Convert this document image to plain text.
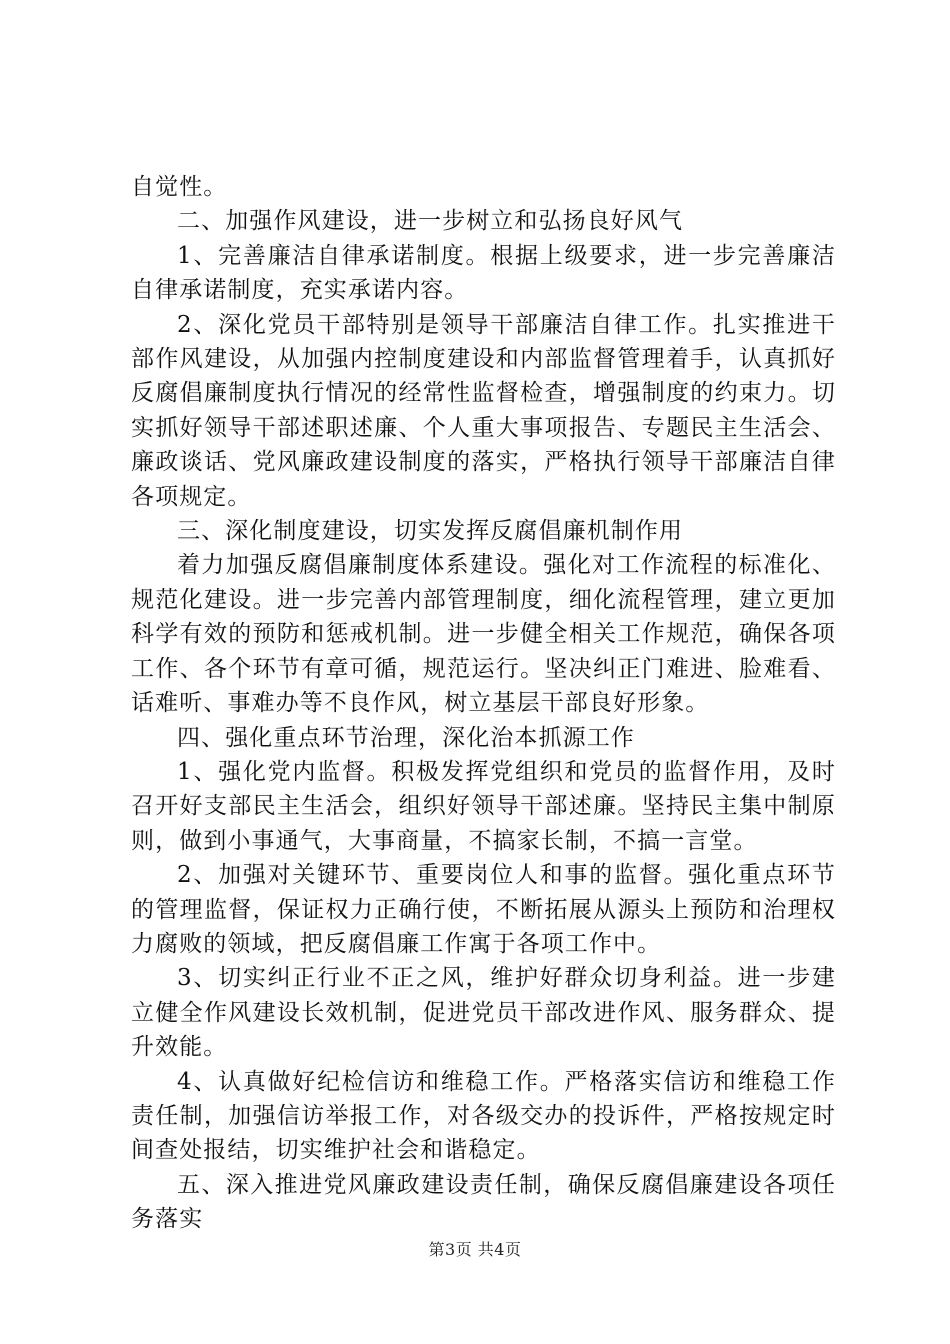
自觉性。

二、加强作风建设，进一步树立和弘扬良好风气

1、完善廉洁自律承诺制度。根据上级要求，进一步完善廉洁自律承诺制度，充实承诺内容。

2、深化党员干部特别是领导干部廉洁自律工作。扎实推进干部作风建设，从加强内控制度建设和内部监督管理着手，认真抓好反腐倡廉制度执行情况的经常性监督检查，增强制度的约束力。切实抓好领导干部述职述廉、个人重大事项报告、专题民主生活会、廉政谈话、党风廉政建设制度的落实，严格执行领导干部廉洁自律各项规定。

三、深化制度建设，切实发挥反腐倡廉机制作用

着力加强反腐倡廉制度体系建设。强化对工作流程的标准化、规范化建设。进一步完善内部管理制度，细化流程管理，建立更加科学有效的预防和惩戒机制。进一步健全相关工作规范，确保各项工作、各个环节有章可循，规范运行。坚决纠正门难进、脸难看、话难听、事难办等不良作风，树立基层干部良好形象。

四、强化重点环节治理，深化治本抓源工作

1、强化党内监督。积极发挥党组织和党员的监督作用，及时召开好支部民主生活会，组织好领导干部述廉。坚持民主集中制原则，做到小事通气，大事商量，不搞家长制，不搞一言堂。

2、加强对关键环节、重要岗位人和事的监督。强化重点环节的管理监督，保证权力正确行使，不断拓展从源头上预防和治理权力腐败的领域，把反腐倡廉工作寓于各项工作中。

3、切实纠正行业不正之风，维护好群众切身利益。进一步建立健全作风建设长效机制，促进党员干部改进作风、服务群众、提升效能。

4、认真做好纪检信访和维稳工作。严格落实信访和维稳工作责任制，加强信访举报工作，对各级交办的投诉件，严格按规定时间查处报结，切实维护社会和谐稳定。

五、深入推进党风廉政建设责任制，确保反腐倡廉建设各项任务落实

第3页 共4页
